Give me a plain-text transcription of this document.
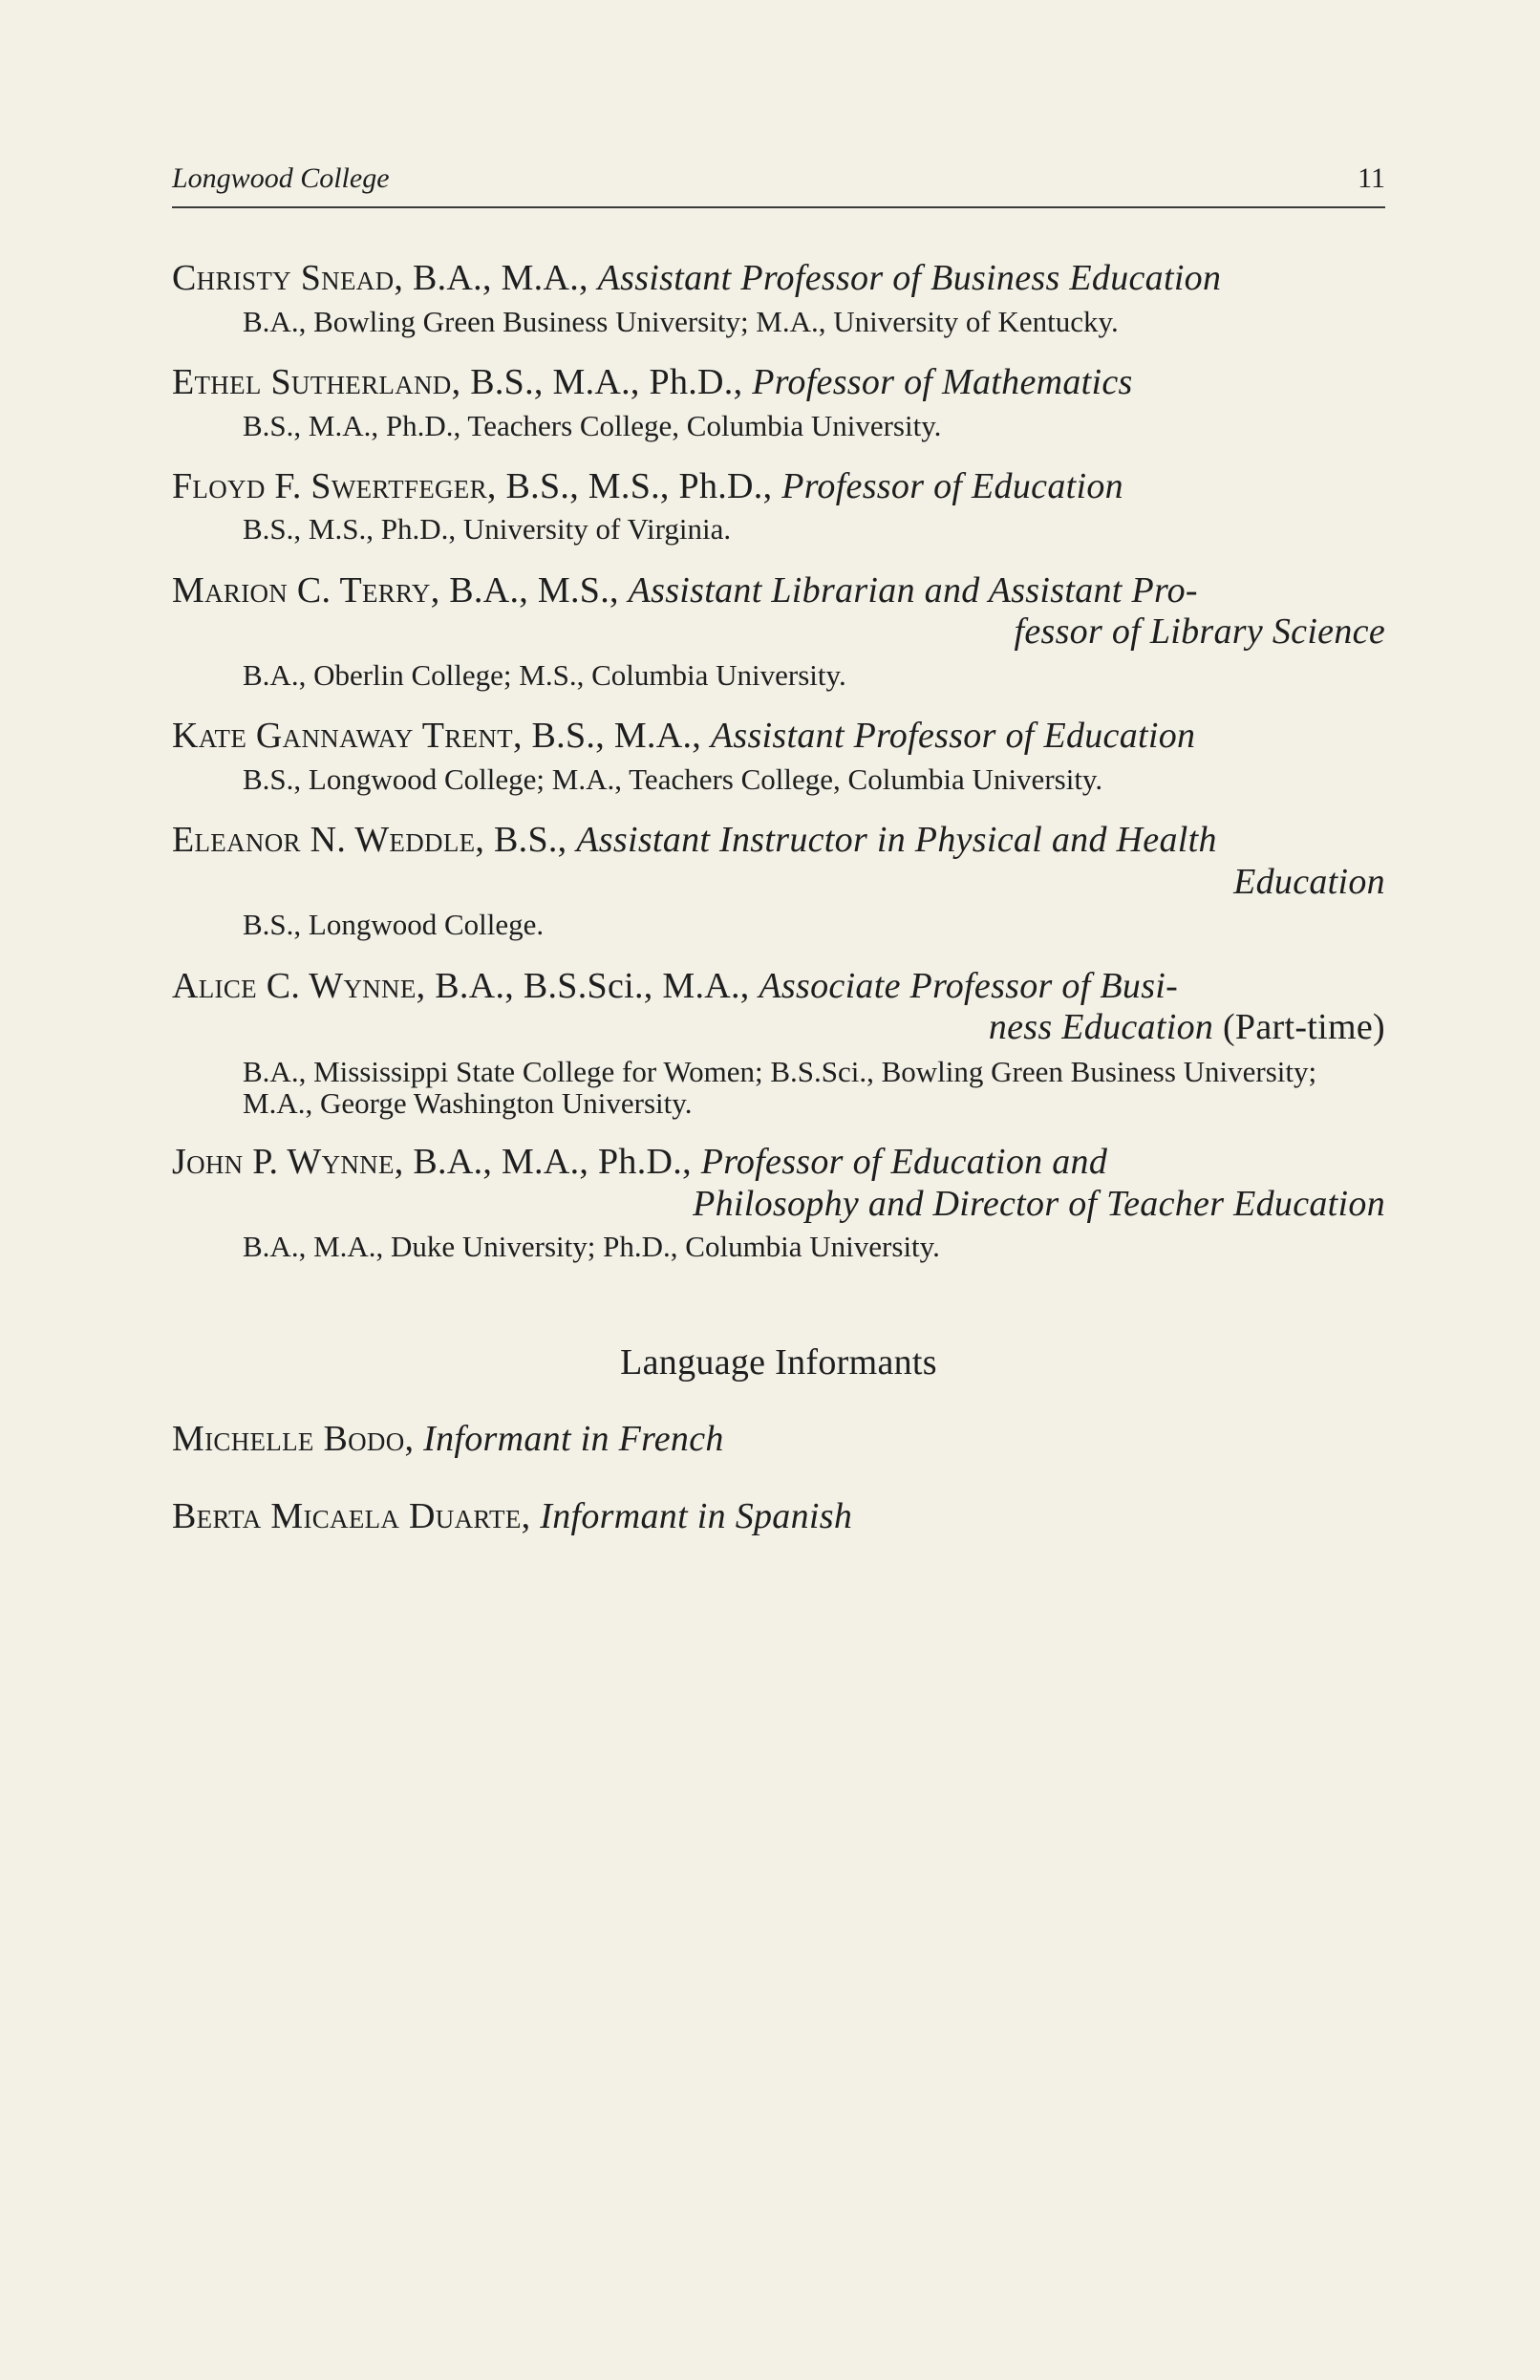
Longwood College	11
Christy Snead, B.A., M.A., Assistant Professor of Business Education
B.A., Bowling Green Business University; M.A., University of Kentucky.
Ethel Sutherland, B.S., M.A., Ph.D., Professor of Mathematics
B.S., M.A., Ph.D., Teachers College, Columbia University.
Floyd F. Swertfeger, B.S., M.S., Ph.D., Professor of Education
B.S., M.S., Ph.D., University of Virginia.
Marion C. Terry, B.A., M.S., Assistant Librarian and Assistant Pro-
fessor of Library Science
B.A., Oberlin College; M.S., Columbia University.
Kate Gannaway Trent, B.S., M.A., Assistant Professor of Education
B.S., Longwood College; M.A., Teachers College, Columbia University.
Eleanor N. Weddle, B.S., Assistant Instructor in Physical and Health
Education
B.S., Longwood College.
Alice C. Wynne, B.A., B.S.Sci., M.A., Associate Professor of Busi-
ness Education (Part-time)
B.A., Mississippi State College for Women; B.S.Sci., Bowling Green Business University; M.A., George Washington University.
John P. Wynne, B.A., M.A., Ph.D., Professor of Education and
Philosophy and Director of Teacher Education
B.A., M.A., Duke University; Ph.D., Columbia University.
Language Informants
Michelle Bodo, Informant in French
Berta Micaela Duarte, Informant in Spanish
